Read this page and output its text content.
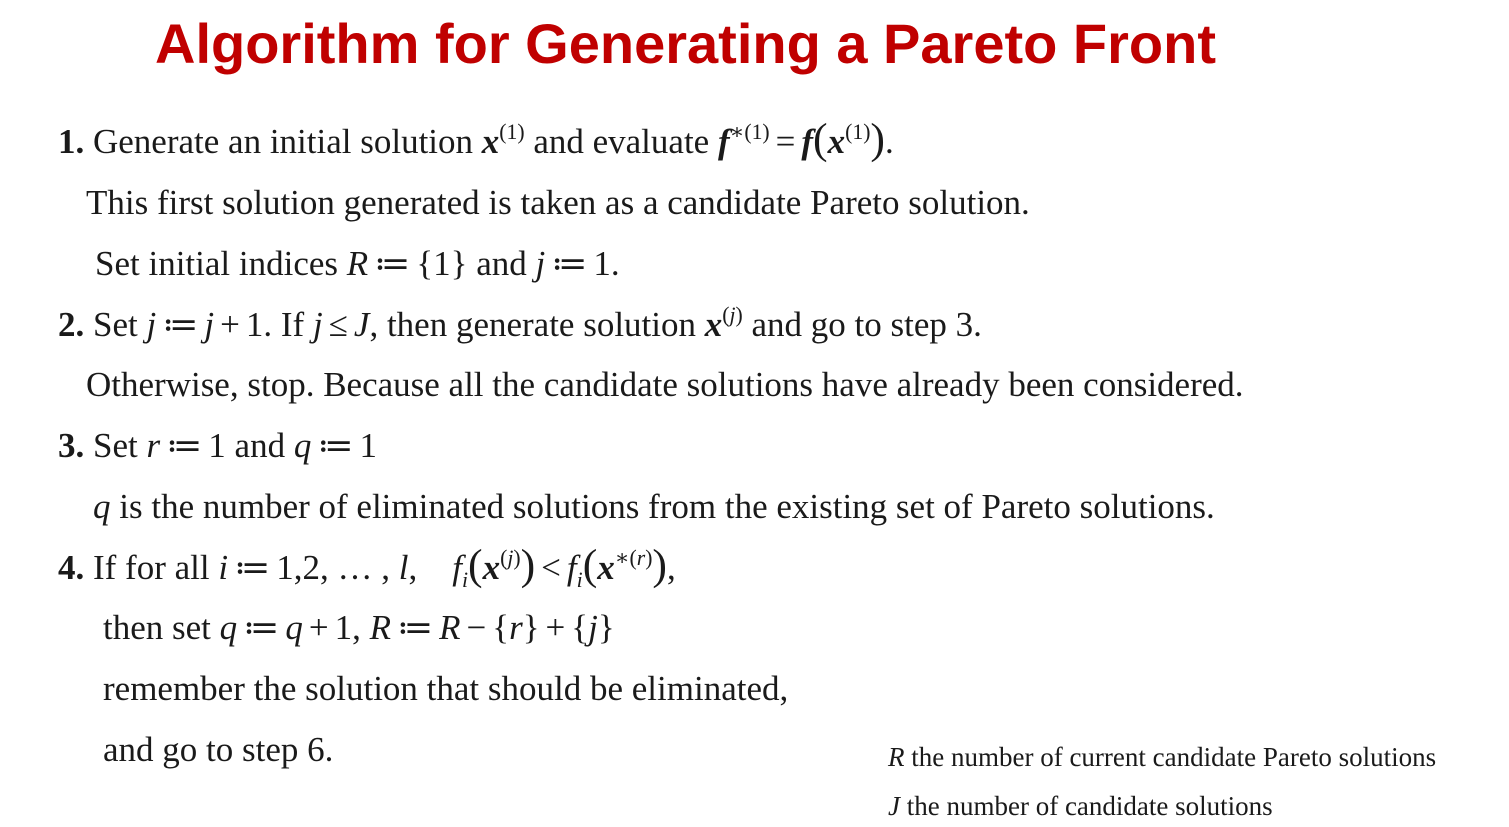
Algorithm for Generating a Pareto Front
1. Generate an initial solution $x^{(1)}$ and evaluate $f^{∗(1)} = f(x^{(1)})$.
This first solution generated is taken as a candidate Pareto solution.
Set initial indices R ≔ {1} and j ≔ 1.
2. Set j ≔ j + 1. If j ≤ J, then generate solution $x^{(j)}$ and go to step 3.
Otherwise, stop. Because all the candidate solutions have already been considered.
3. Set r ≔ 1 and q ≔ 1
q is the number of eliminated solutions from the existing set of Pareto solutions.
4. If for all i ≔ 1,2, … , l,    $f_i(x^{(j)}) < f_i(x^{∗(r)})$,
then set q ≔ q + 1, R ≔ R − {r} + {j}
remember the solution that should be eliminated,
and go to step 6.	R the number of current candidate Pareto solutions
J the number of candidate solutions
